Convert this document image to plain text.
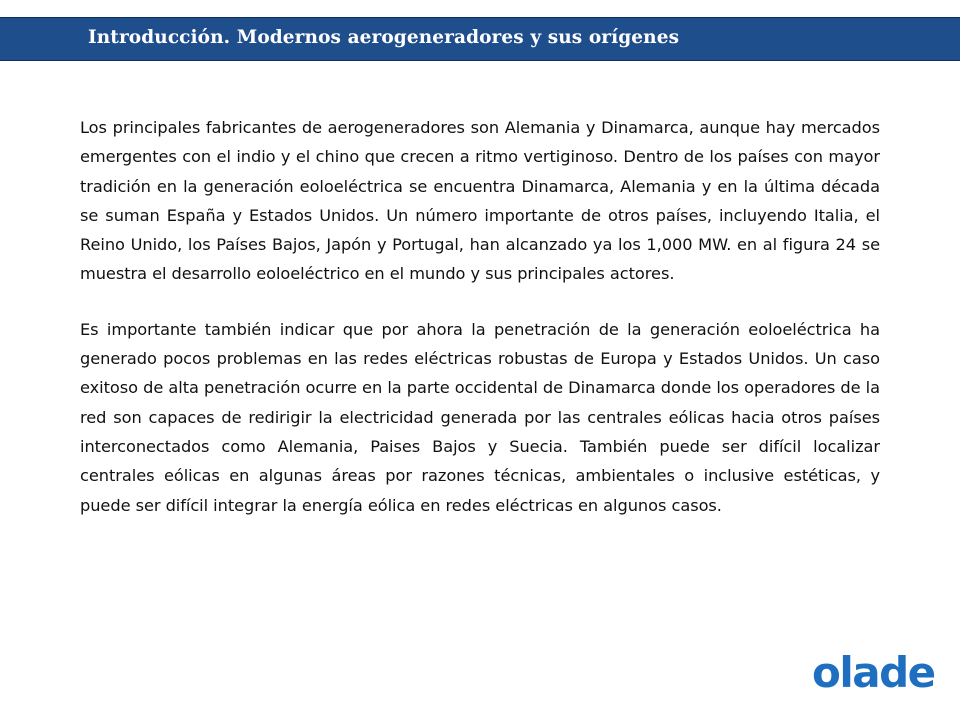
Introducción. Modernos aerogeneradores y sus orígenes

Los principales fabricantes de aerogeneradores son Alemania y Dinamarca, aunque hay mercados emergentes con el indio y el chino que crecen a ritmo vertiginoso. Dentro de los países con mayor tradición en la generación eoloeléctrica se encuentra Dinamarca, Alemania y en la última década se suman España y Estados Unidos. Un número importante de otros países, incluyendo Italia, el Reino Unido, los Países Bajos, Japón y Portugal, han alcanzado ya los 1,000 MW. en al figura 24 se muestra el desarrollo eoloeléctrico en el mundo y sus principales actores.

Es importante también indicar que por ahora la penetración de la generación eoloeléctrica ha generado pocos problemas en las redes eléctricas robustas de Europa y Estados Unidos. Un caso exitoso de alta penetración ocurre en la parte occidental de Dinamarca donde los operadores de la red son capaces de redirigir la electricidad generada por las centrales eólicas hacia otros países interconectados como Alemania, Paises Bajos y Suecia. También puede ser difícil localizar centrales eólicas en algunas áreas por razones técnicas, ambientales o inclusive estéticas, y puede ser difícil integrar la energía eólica en redes eléctricas en algunos casos.

olade
